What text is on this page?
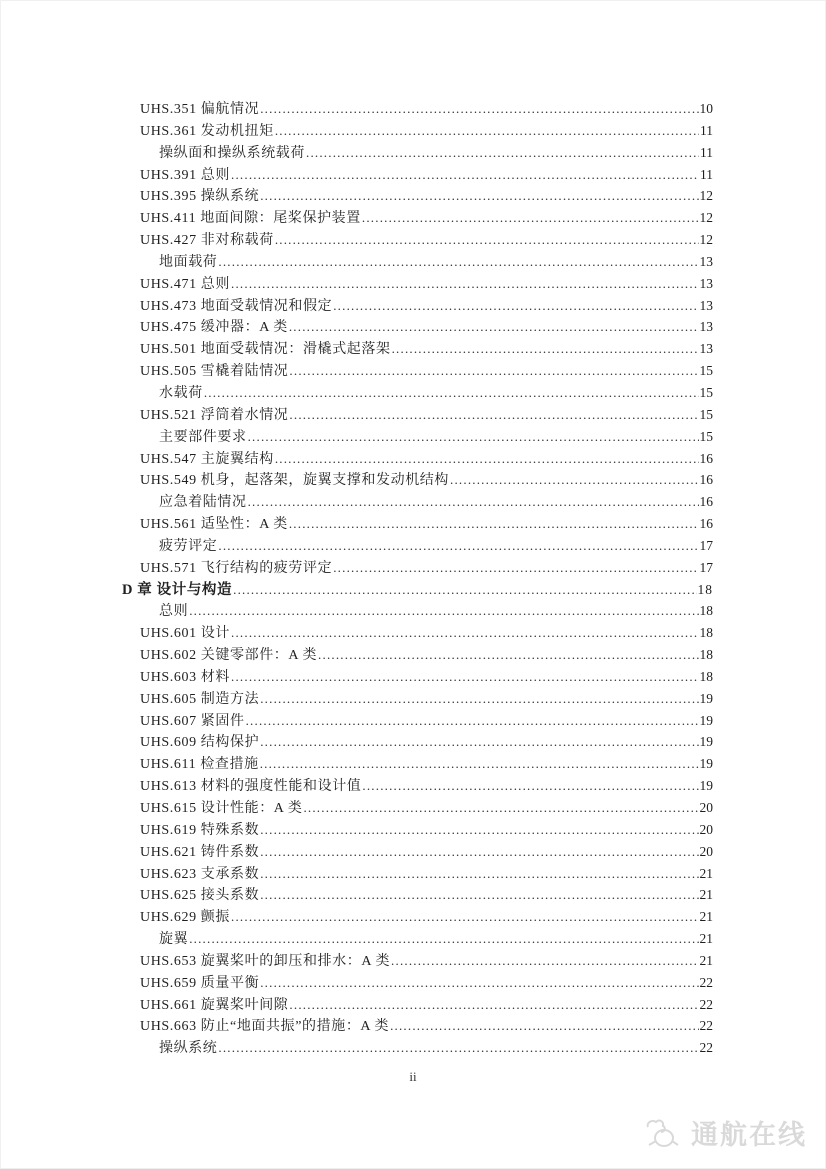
UHS.351 偏航情况 .....	10
UHS.361 发动机扭矩 .....	11
操纵面和操纵系统载荷 .....	11
UHS.391 总则 .....	11
UHS.395 操纵系统 .....	12
UHS.411 地面间隙：尾桨保护装置 .....	12
UHS.427 非对称载荷 .....	12
地面载荷 .....	13
UHS.471 总则 .....	13
UHS.473 地面受载情况和假定 .....	13
UHS.475 缓冲器：A 类 .....	13
UHS.501 地面受载情况：滑橇式起落架 .....	13
UHS.505 雪橇着陆情况 .....	15
水载荷 .....	15
UHS.521 浮筒着水情况 .....	15
主要部件要求 .....	15
UHS.547 主旋翼结构 .....	16
UHS.549 机身，起落架，旋翼支撑和发动机结构 .....	16
应急着陆情况 .....	16
UHS.561 适坠性：A 类 .....	16
疲劳评定 .....	17
UHS.571 飞行结构的疲劳评定 .....	17
D 章 设计与构造 .....	18
总则 .....	18
UHS.601 设计 .....	18
UHS.602 关键零部件：A 类 .....	18
UHS.603 材料 .....	18
UHS.605 制造方法 .....	19
UHS.607 紧固件 .....	19
UHS.609 结构保护 .....	19
UHS.611 检查措施 .....	19
UHS.613 材料的强度性能和设计值 .....	19
UHS.615 设计性能：A 类 .....	20
UHS.619 特殊系数 .....	20
UHS.621 铸件系数 .....	20
UHS.623 支承系数 .....	21
UHS.625 接头系数 .....	21
UHS.629 颤振 .....	21
旋翼 .....	21
UHS.653 旋翼桨叶的卸压和排水：A 类 .....	21
UHS.659 质量平衡 .....	22
UHS.661 旋翼桨叶间隙 .....	22
UHS.663 防止“地面共振”的措施：A 类 .....	22
操纵系统 .....	22
ii
通航在线
